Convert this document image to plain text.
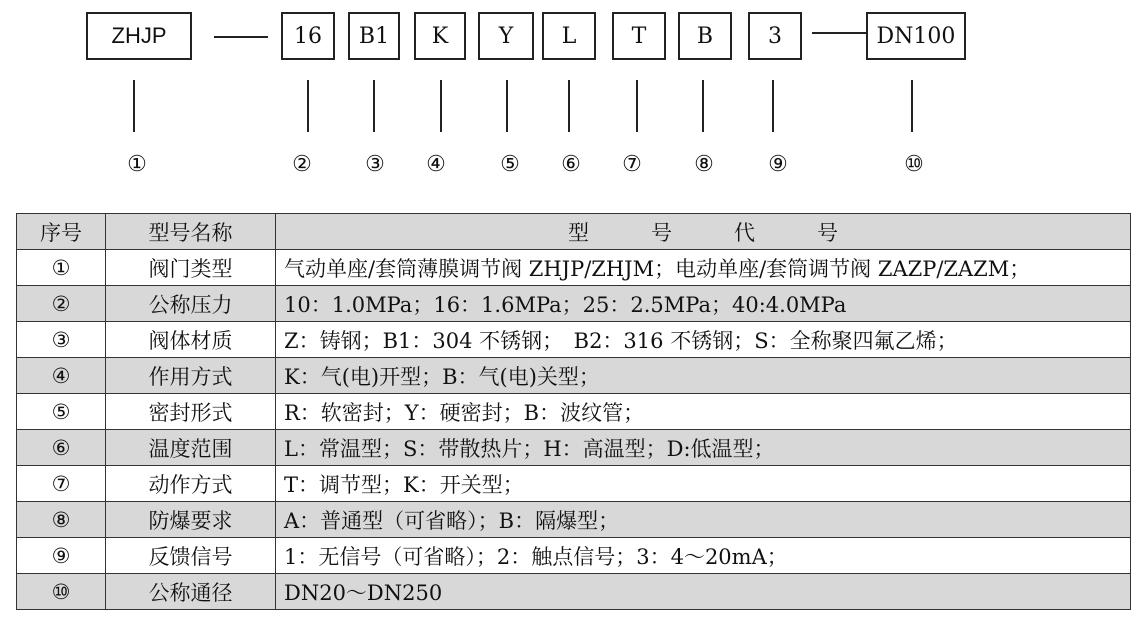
ZHJP	16	B1	K	Y	L	T	B	3	DN100
①	② ③ ④ ⑤ ⑥ ⑦ ⑧ ⑨	⑩
序号	型号名称	型号代号
①	阀门类型	气动单座/套筒薄膜调节阀 ZHJP/ZHJM；电动单座/套筒调节阀 ZAZP/ZAZM；
②	公称压力	10：1.0MPa；16：1.6MPa；25：2.5MPa；40:4.0MPa
③	阀体材质	Z：铸钢；B1：304 不锈钢；　B2：316 不锈钢；S：全称聚四氟乙烯；
④	作用方式	K：气(电)开型；B：气(电)关型；
⑤	密封形式	R：软密封；Y：硬密封；B：波纹管；
⑥	温度范围	L：常温型；S：带散热片；H：高温型；D:低温型；
⑦	动作方式	T：调节型；K：开关型；
⑧	防爆要求	A：普通型（可省略）；B：隔爆型；
⑨	反馈信号	1：无信号（可省略）；2：触点信号；3：4～20mA；
⑩	公称通径	DN20～DN250
